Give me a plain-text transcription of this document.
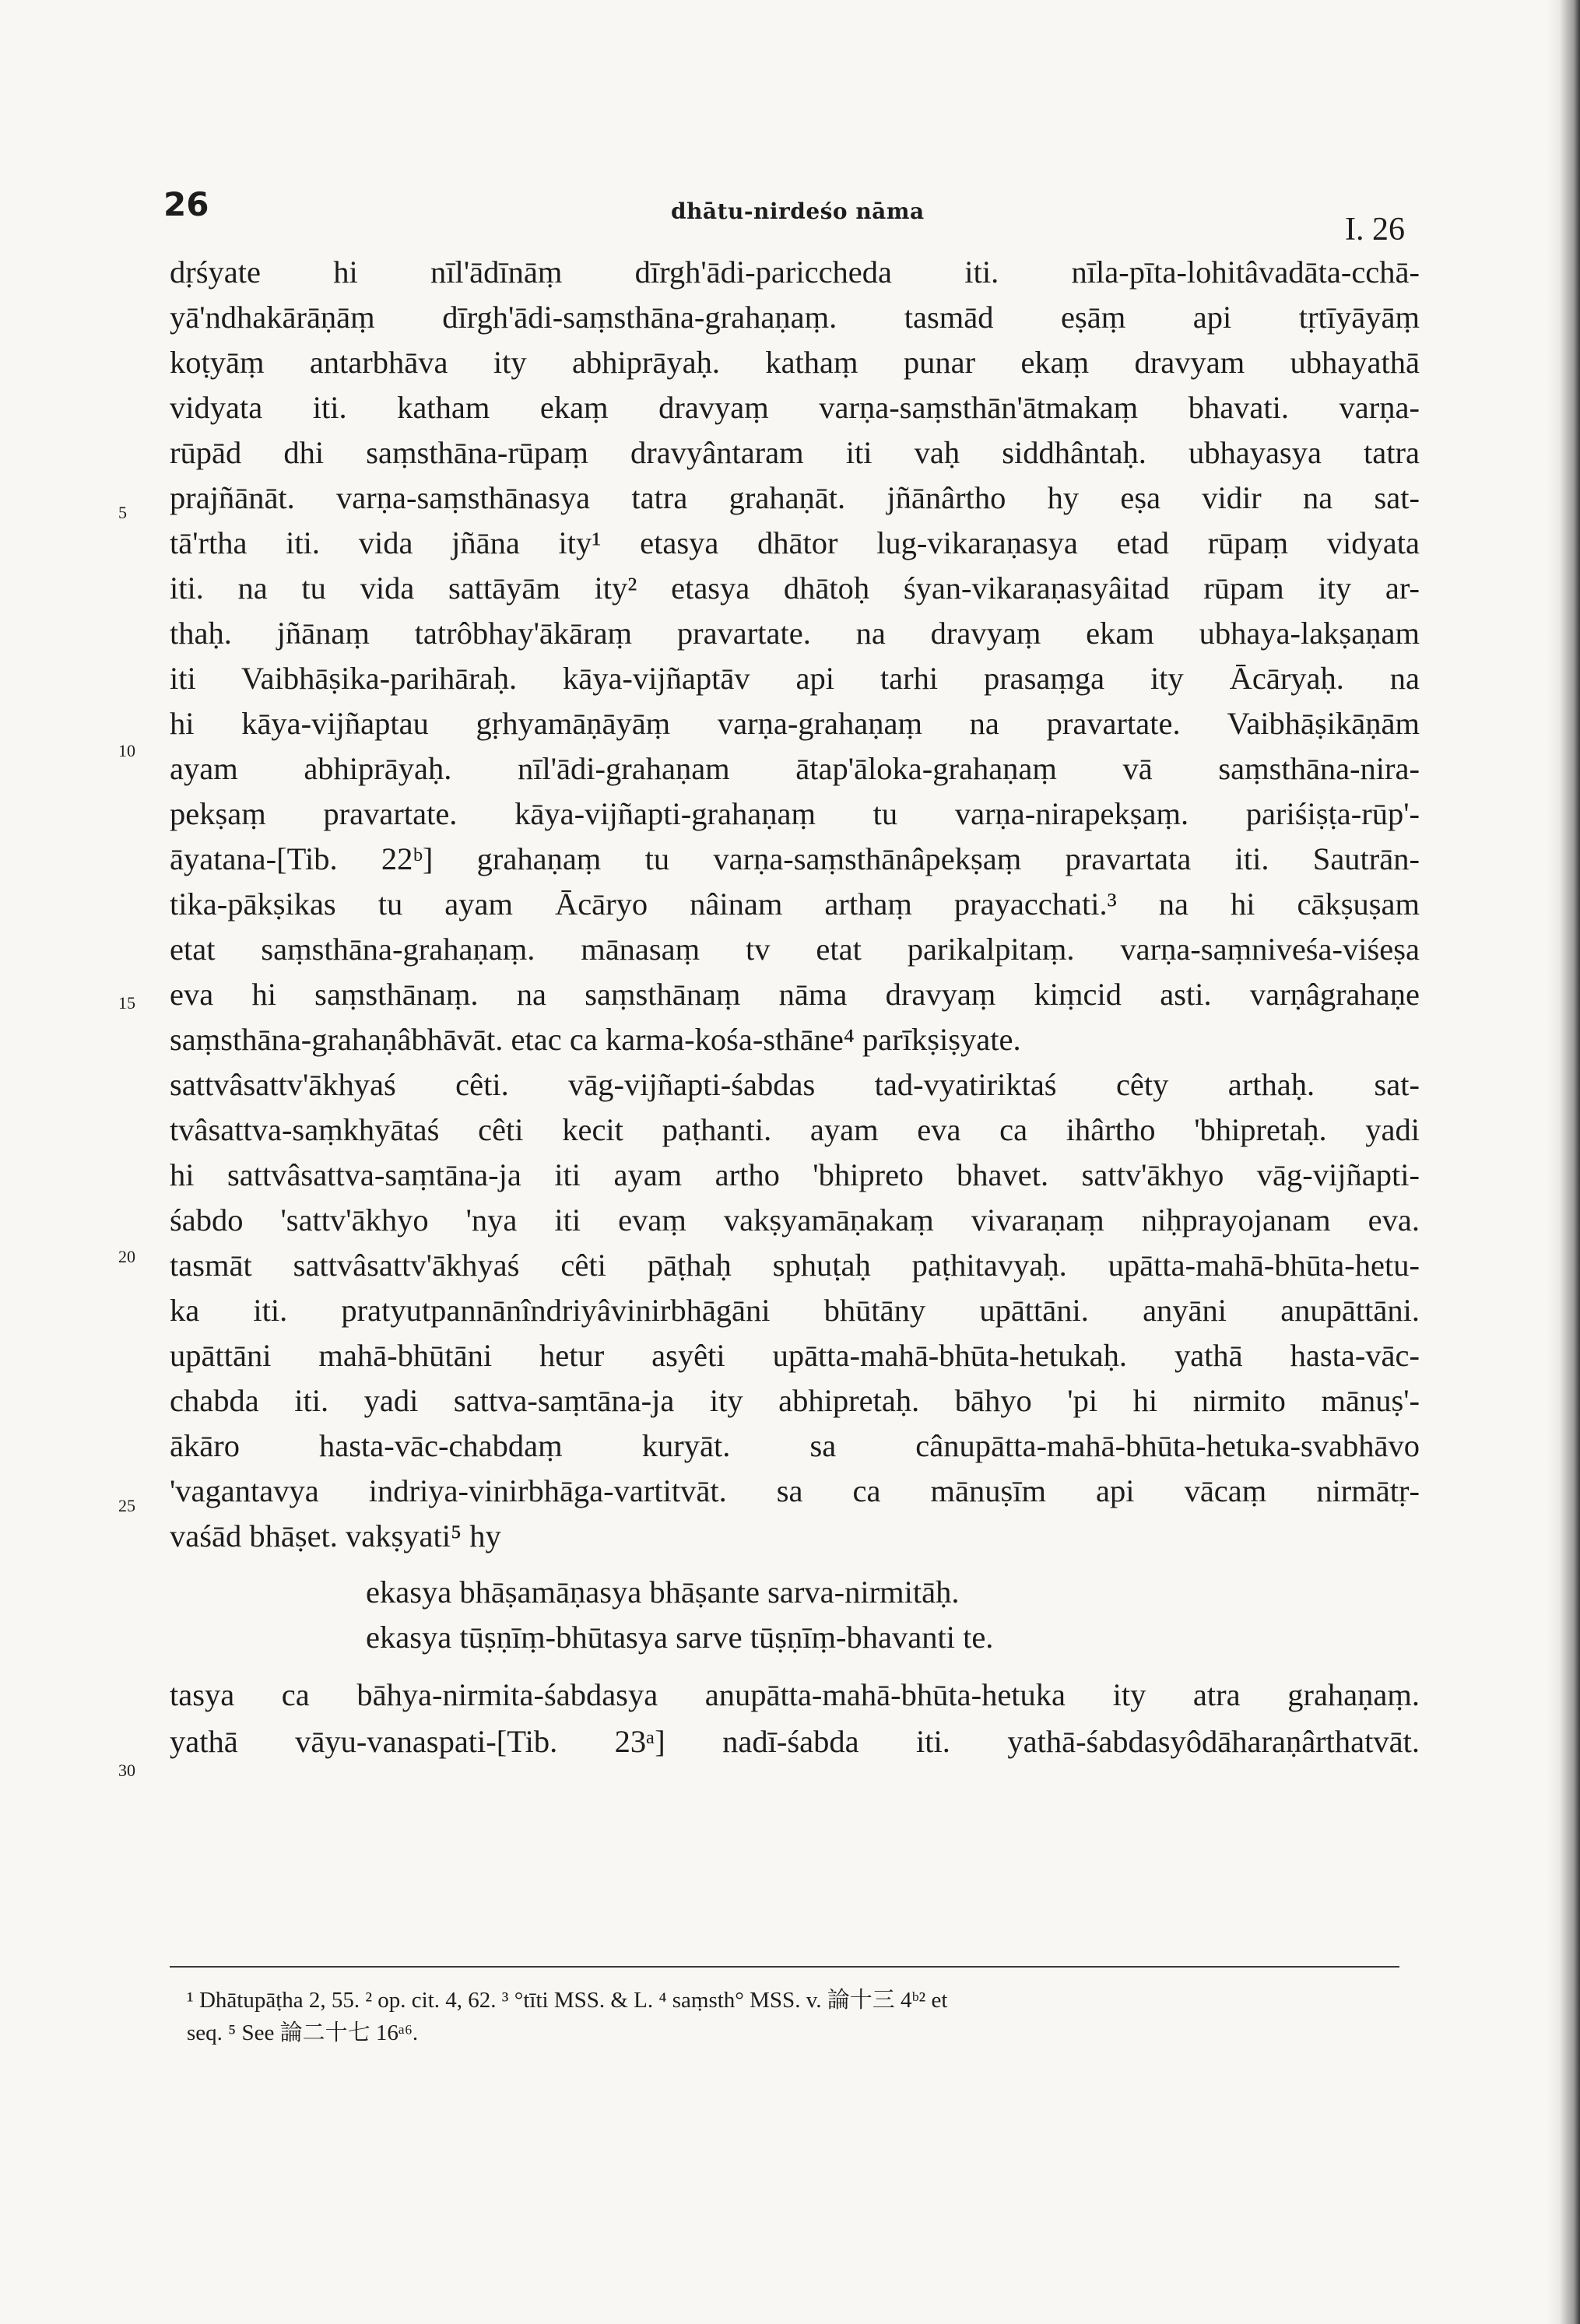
26	dhātu-nirdeśo nāma
I. 26
dṛśyate hi nīl'ādīnāṃ dīrgh'ādi-pariccheda iti. nīla-pīta-lohitâvadāta-cchā-
yā'ndhakārāṇāṃ dīrgh'ādi-saṃsthāna-grahaṇaṃ. tasmād eṣāṃ api tṛtīyāyāṃ
koṭyāṃ antarbhāva ity abhiprāyaḥ. kathaṃ punar ekaṃ dravyam ubhayathā
vidyata iti. katham ekaṃ dravyaṃ varṇa-saṃsthān'ātmakaṃ bhavati. varṇa-
rūpād dhi saṃsthāna-rūpaṃ dravyântaram iti vaḥ siddhântaḥ. ubhayasya tatra
prajñānāt. varṇa-saṃsthānasya tatra grahaṇāt. jñānârtho hy eṣa vidir na sat-
tā'rtha iti. vida jñāna ity¹ etasya dhātor lug-vikaraṇasya etad rūpaṃ vidyata
iti. na tu vida sattāyām ity² etasya dhātoḥ śyan-vikaraṇasyâitad rūpam ity ar-
thaḥ. jñānaṃ tatrôbhay'ākāraṃ pravartate. na dravyaṃ ekam ubhaya-lakṣaṇam
iti Vaibhāṣika-parihāraḥ. kāya-vijñaptāv api tarhi prasaṃga ity Ācāryaḥ. na
hi kāya-vijñaptau gṛhyamāṇāyāṃ varṇa-grahaṇaṃ na pravartate. Vaibhāṣikāṇām
ayam abhiprāyaḥ. nīl'ādi-grahaṇam ātap'āloka-grahaṇaṃ vā saṃsthāna-nira-
pekṣaṃ pravartate. kāya-vijñapti-grahaṇaṃ tu varṇa-nirapekṣaṃ. pariśiṣṭa-rūp'-
āyatana-[Tib. 22ᵇ] grahaṇaṃ tu varṇa-saṃsthānâpekṣaṃ pravartata iti. Sautrān-
tika-pākṣikas tu ayam Ācāryo nâinam arthaṃ prayacchati.³ na hi cākṣuṣam
etat saṃsthāna-grahaṇaṃ. mānasaṃ tv etat parikalpitaṃ. varṇa-saṃniveśa-viśeṣa
eva hi saṃsthānaṃ. na saṃsthānaṃ nāma dravyaṃ kiṃcid asti. varṇâgrahaṇe
saṃsthāna-grahaṇâbhāvāt. etac ca karma-kośa-sthāne⁴ parīkṣiṣyate.
sattvâsattv'ākhyaś cêti. vāg-vijñapti-śabdas tad-vyatiriktaś cêty arthaḥ. sat-
tvâsattva-saṃkhyātaś cêti kecit paṭhanti. ayam eva ca ihârtho 'bhipretaḥ. yadi
hi sattvâsattva-saṃtāna-ja iti ayam artho 'bhipreto bhavet. sattv'ākhyo vāg-vijñapti-
śabdo 'sattv'ākhyo 'nya iti evaṃ vakṣyamāṇakaṃ vivaraṇaṃ niḥprayojanam eva.
tasmāt sattvâsattv'ākhyaś cêti pāṭhaḥ sphuṭaḥ paṭhitavyaḥ. upātta-mahā-bhūta-hetu-
ka iti. pratyutpannānîndriyâvinirbhāgāni bhūtāny upāttāni. anyāni anupāttāni.
upāttāni mahā-bhūtāni hetur asyêti upātta-mahā-bhūta-hetukaḥ. yathā hasta-vāc-
chabda iti. yadi sattva-saṃtāna-ja ity abhipretaḥ. bāhyo 'pi hi nirmito mānuṣ'-
ākāro hasta-vāc-chabdaṃ kuryāt. sa cânupātta-mahā-bhūta-hetuka-svabhāvo
'vagantavya indriya-vinirbhāga-vartitvāt. sa ca mānuṣīm api vācaṃ nirmātṛ-
vaśād bhāṣet. vakṣyati⁵ hy
ekasya bhāṣamāṇasya bhāṣante sarva-nirmitāḥ.
ekasya tūṣṇīṃ-bhūtasya sarve tūṣṇīṃ-bhavanti te.
tasya ca bāhya-nirmita-śabdasya anupātta-mahā-bhūta-hetuka ity atra grahaṇaṃ.
yathā vāyu-vanaspati-[Tib. 23ᵃ] nadī-śabda iti. yathā-śabdasyôdāharaṇârthatvāt.
5
10
15
20
25
30
¹ Dhātupāṭha 2, 55. ² op. cit. 4, 62. ³ °tīti MSS. & L. ⁴ saṃsth° MSS. v. 論十三 4ᵇ² et
seq. ⁵ See 論二十七 16ᵃ⁶.
